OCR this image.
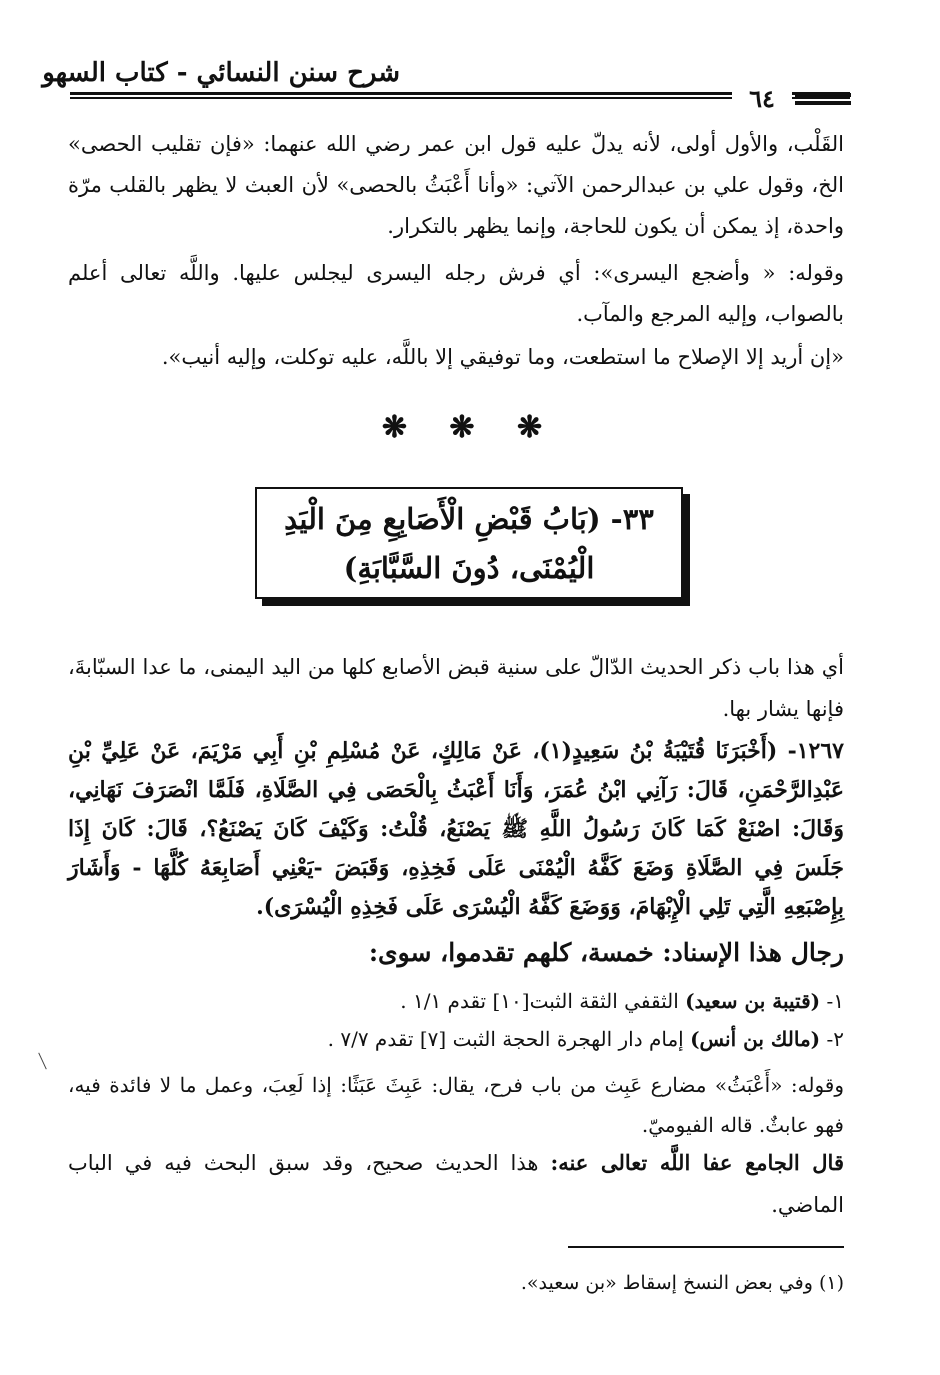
شرح سنن النسائي - كتاب السهو
٦٤
القَلْب، والأول أولى، لأنه يدلّ عليه قول ابن عمر رضي الله عنهما: «فإن تقليب الحصى» الخ، وقول علي بن عبدالرحمن الآتي: «وأنا أَعْبَثُ بالحصى» لأن العبث لا يظهر بالقلب مرّة واحدة، إذ يمكن أن يكون للحاجة، وإنما يظهر بالتكرار.
وقوله: « وأضجع اليسرى»: أي فرش رجله اليسرى ليجلس عليها. واللَّه تعالى أعلم بالصواب، وإليه المرجع والمآب.
«إن أريد إلا الإصلاح ما استطعت، وما توفيقي إلا باللَّه، عليه توكلت، وإليه أنيب».
❋ ❋ ❋
٣٣- (بَابُ قَبْضِ الْأَصَابِعِ مِنَ الْيَدِ
الْيُمْنَى، دُونَ السَّبَّابَةِ)
أي هذا باب ذكر الحديث الدّالّ على سنية قبض الأصابع كلها من اليد اليمنى، ما عدا السبّابةَ، فإنها يشار بها.
١٢٦٧- (أَخْبَرَنَا قُتَيْبَةُ بْنُ سَعِيدٍ(١)، عَنْ مَالِكٍ، عَنْ مُسْلِمِ بْنِ أَبِي مَرْيَمَ، عَنْ عَلِيِّ بْنِ عَبْدِالرَّحْمَنِ، قَالَ: رَآنِي ابْنُ عُمَرَ، وَأَنَا أَعْبَثُ بِالْحَصَى فِي الصَّلَاةِ، فَلَمَّا انْصَرَفَ نَهَانِي، وَقَالَ: اصْنَعْ كَمَا كَانَ رَسُولُ اللَّهِ ﷺ يَصْنَعُ، قُلْتُ: وَكَيْفَ كَانَ يَصْنَعُ؟، قَالَ: كَانَ إِذَا جَلَسَ فِي الصَّلَاةِ وَضَعَ كَفَّهُ الْيُمْنَى عَلَى فَخِذِهِ، وَقَبَضَ -يَعْنِي أَصَابِعَهُ كُلَّهَا - وَأَشَارَ بِإِصْبَعِهِ الَّتِي تَلِي الْإِبْهَامَ، وَوَضَعَ كَفَّهُ الْيُسْرَى عَلَى فَخِذِهِ الْيُسْرَى).
رجال هذا الإسناد: خمسة، كلهم تقدموا، سوى:
١- (قتيبة بن سعيد) الثقفي الثقة الثبت[١٠] تقدم ١/١ .
٢- (مالك بن أنس) إمام دار الهجرة الحجة الثبت [٧] تقدم ٧/٧ .
وقوله: «أَعْبَثُ» مضارع عَبِث من باب فرح، يقال: عَبِثَ عَبَثًا: إذا لَعِبَ، وعمل ما لا فائدة فيه، فهو عابثٌ. قاله الفيوميّ.
قال الجامع عفا اللَّه تعالى عنه: هذا الحديث صحيح، وقد سبق البحث فيه في الباب الماضي.
(١) وفي بعض النسخ إسقاط «بن سعيد».
